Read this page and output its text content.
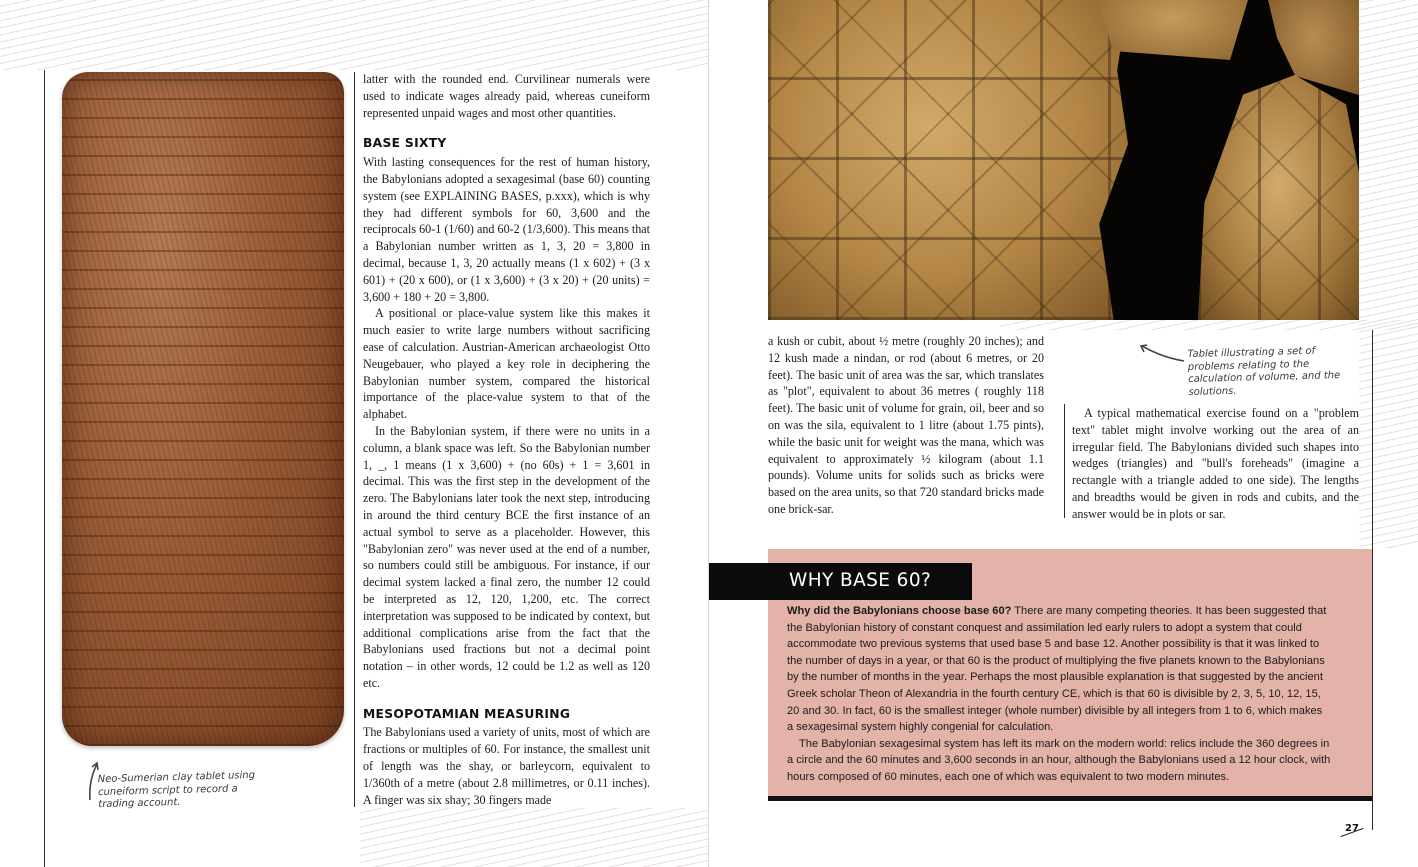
Neo-Sumerian clay tablet using cuneiform script to record a trading account.

latter with the rounded end. Curvilinear numerals were used to indicate wages already paid, whereas cuneiform represented unpaid wages and most other quantities.

BASE SIXTY

With lasting consequences for the rest of human history, the Babylonians adopted a sexagesimal (base 60) counting system (see EXPLAINING BASES, p.xxx), which is why they had different symbols for 60, 3,600 and the reciprocals 60-1 (1/60) and 60-2 (1/3,600). This means that a Babylonian number written as 1, 3, 20 = 3,800 in decimal, because 1, 3, 20 actually means (1 x 602) + (3 x 601) + (20 x 600), or (1 x 3,600) + (3 x 20) + (20 units) = 3,600 + 180 + 20 = 3,800.

A positional or place-value system like this makes it much easier to write large numbers without sacrificing ease of calculation. Austrian-American archaeologist Otto Neugebauer, who played a key role in deciphering the Babylonian number system, compared the historical importance of the place-value system to that of the alphabet.

In the Babylonian system, if there were no units in a column, a blank space was left. So the Babylonian number 1, _, 1 means (1 x 3,600) + (no 60s) + 1 = 3,601 in decimal. This was the first step in the development of the zero. The Babylonians later took the next step, introducing in around the third century BCE the first instance of an actual symbol to serve as a placeholder. However, this "Babylonian zero" was never used at the end of a number, so numbers could still be ambiguous. For instance, if our decimal system lacked a final zero, the number 12 could be interpreted as 12, 120, 1,200, etc. The correct interpretation was supposed to be indicated by context, but additional complications arise from the fact that the Babylonians used fractions but not a decimal point notation – in other words, 12 could be 1.2 as well as 120 etc.

MESOPOTAMIAN MEASURING

The Babylonians used a variety of units, most of which are fractions or multiples of 60. For instance, the smallest unit of length was the shay, or barleycorn, equivalent to 1/360th of a metre (about 2.8 millimetres, or 0.11 inches). A finger was six shay; 30 fingers made

Tablet illustrating a set of problems relating to the calculation of volume, and the solutions.

a kush or cubit, about ½ metre (roughly 20 inches); and 12 kush made a nindan, or rod (about 6 metres, or 20 feet). The basic unit of area was the sar, which translates as "plot", equivalent to about 36 metres ( roughly 118 feet). The basic unit of volume for grain, oil, beer and so on was the sila, equivalent to 1 litre (about 1.75 pints), while the basic unit for weight was the mana, which was equivalent to approximately ½ kilogram (about 1.1 pounds). Volume units for solids such as bricks were based on the area units, so that 720 standard bricks made one brick-sar.

A typical mathematical exercise found on a "problem text" tablet might involve working out the area of an irregular field. The Babylonians divided such shapes into wedges (triangles) and "bull's foreheads" (imagine a rectangle with a triangle added to one side). The lengths and breadths would be given in rods and cubits, and the answer would be in plots or sar.

WHY BASE 60?

Why did the Babylonians choose base 60? There are many competing theories. It has been suggested that the Babylonian history of constant conquest and assimilation led early rulers to adopt a system that could accommodate two previous systems that used base 5 and base 12. Another possibility is that it was linked to the number of days in a year, or that 60 is the product of multiplying the five planets known to the Babylonians by the number of months in the year. Perhaps the most plausible explanation is that suggested by the ancient Greek scholar Theon of Alexandria in the fourth century CE, which is that 60 is divisible by 2, 3, 5, 10, 12, 15, 20 and 30. In fact, 60 is the smallest integer (whole number) divisible by all integers from 1 to 6, which makes a sexagesimal system highly congenial for calculation.

The Babylonian sexagesimal system has left its mark on the modern world: relics include the 360 degrees in a circle and the 60 minutes and 3,600 seconds in an hour, although the Babylonians used a 12 hour clock, with hours composed of 60 minutes, each one of which was equivalent to two modern minutes.

27
